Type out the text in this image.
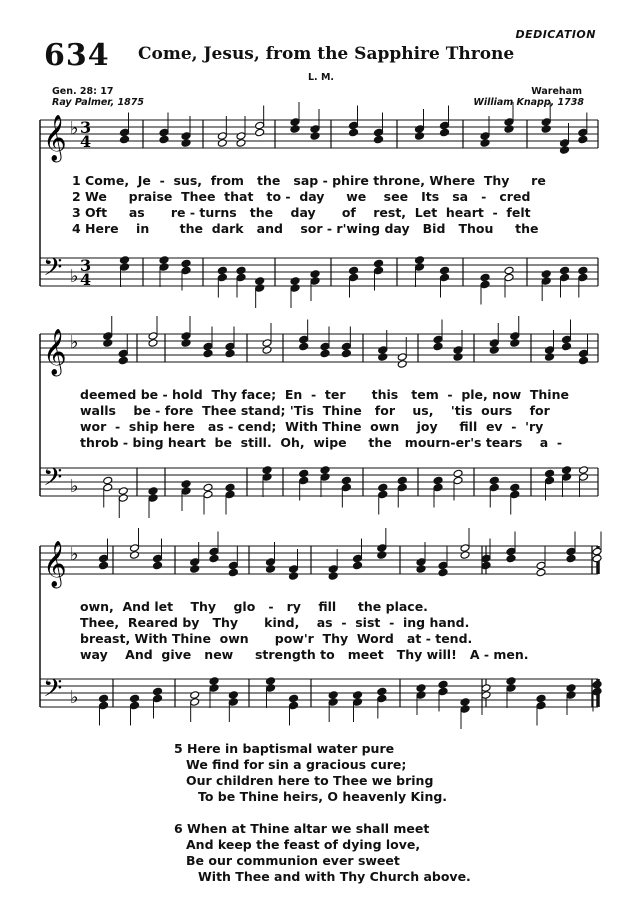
634 Come, Jesus, from the Sapphire Throne
DEDICATION
L. M.
Gen. 28: 17
Ray Palmer, 1875
Wareham
William Knapp, 1738
𝄞 ♭ 3
4
𝄢 ♭
3
4
𝄞 ♭
𝄢 ♭
𝄞 ♭
𝄢 ♭
1 Come,  Je  -  sus,  from   the   sap - phire throne, Where  Thy     re
2 We     praise  Thee  that   to -  day     we    see   Its   sa   -   cred
3 Oft     as      re - turns   the    day      of    rest,  Let  heart  -  felt
4 Here    in       the  dark   and    sor - r'wing day   Bid   Thou     the
deemed be - hold  Thy face;  En  -  ter      this   tem  -  ple, now  Thine
walls    be - fore  Thee stand; 'Tis  Thine   for    us,    'tis  ours    for
wor  -  ship here   as - cend;  With Thine  own    joy     fill  ev  -  'ry
throb - bing heart  be  still.  Oh,  wipe     the   mourn-er's tears    a  -
own,  And let    Thy    glo   -   ry    fill     the place.
Thee,  Reared by   Thy      kind,    as  -  sist  -  ing hand.
breast, With Thine  own      pow'r  Thy  Word   at - tend.
way    And  give   new     strength to   meet   Thy will!   A - men.
5 Here in baptismal water pure
We find for sin a gracious cure;
Our children here to Thee we bring
To be Thine heirs, O heavenly King.
6 When at Thine altar we shall meet
And keep the feast of dying love,
Be our communion ever sweet
With Thee and with Thy Church above.
